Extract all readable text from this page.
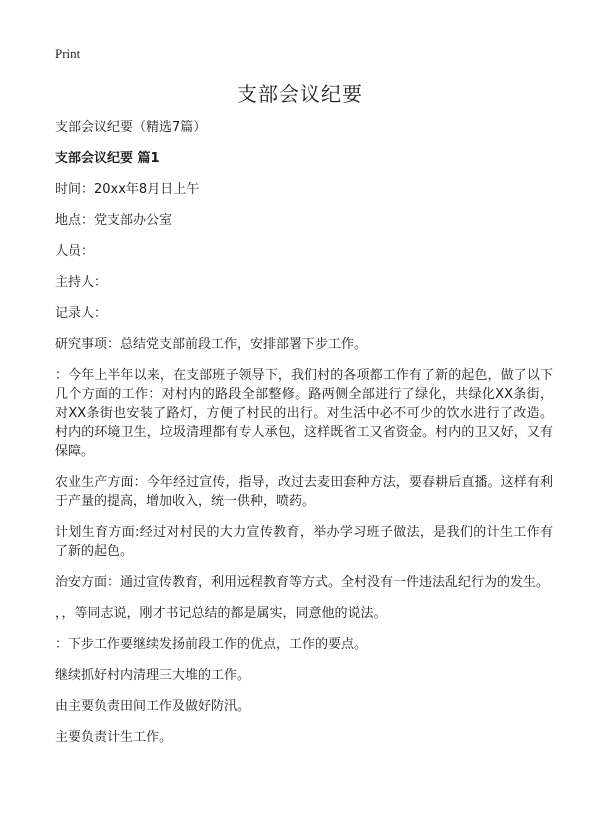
Print
支部会议纪要

支部会议纪要（精选7篇）

支部会议纪要 篇1

时间：20xx年8月日上午

地点：党支部办公室

人员：

主持人：

记录人：

研究事项：总结党支部前段工作，安排部署下步工作。

：今年上半年以来，在支部班子领导下，我们村的各项都工作有了新的起色，做了以下几个方面的工作：对村内的路段全部整修。路两侧全部进行了绿化，共绿化XX条街，对XX条街也安装了路灯，方便了村民的出行。对生活中必不可少的饮水进行了改造。村内的环境卫生，垃圾清理都有专人承包，这样既省工又省资金。村内的卫又好，又有保障。

农业生产方面：今年经过宣传，指导，改过去麦田套种方法，要春耕后直播。这样有利于产量的提高，增加收入，统一供种，喷药。

计划生育方面:经过对村民的大力宣传教育，举办学习班子做法，是我们的计生工作有了新的起色。

治安方面：通过宣传教育，利用远程教育等方式。全村没有一件违法乱纪行为的发生。

，，等同志说，刚才书记总结的都是属实，同意他的说法。

：下步工作要继续发扬前段工作的优点，工作的要点。

继续抓好村内清理三大堆的工作。

由主要负责田间工作及做好防汛。

主要负责计生工作。
